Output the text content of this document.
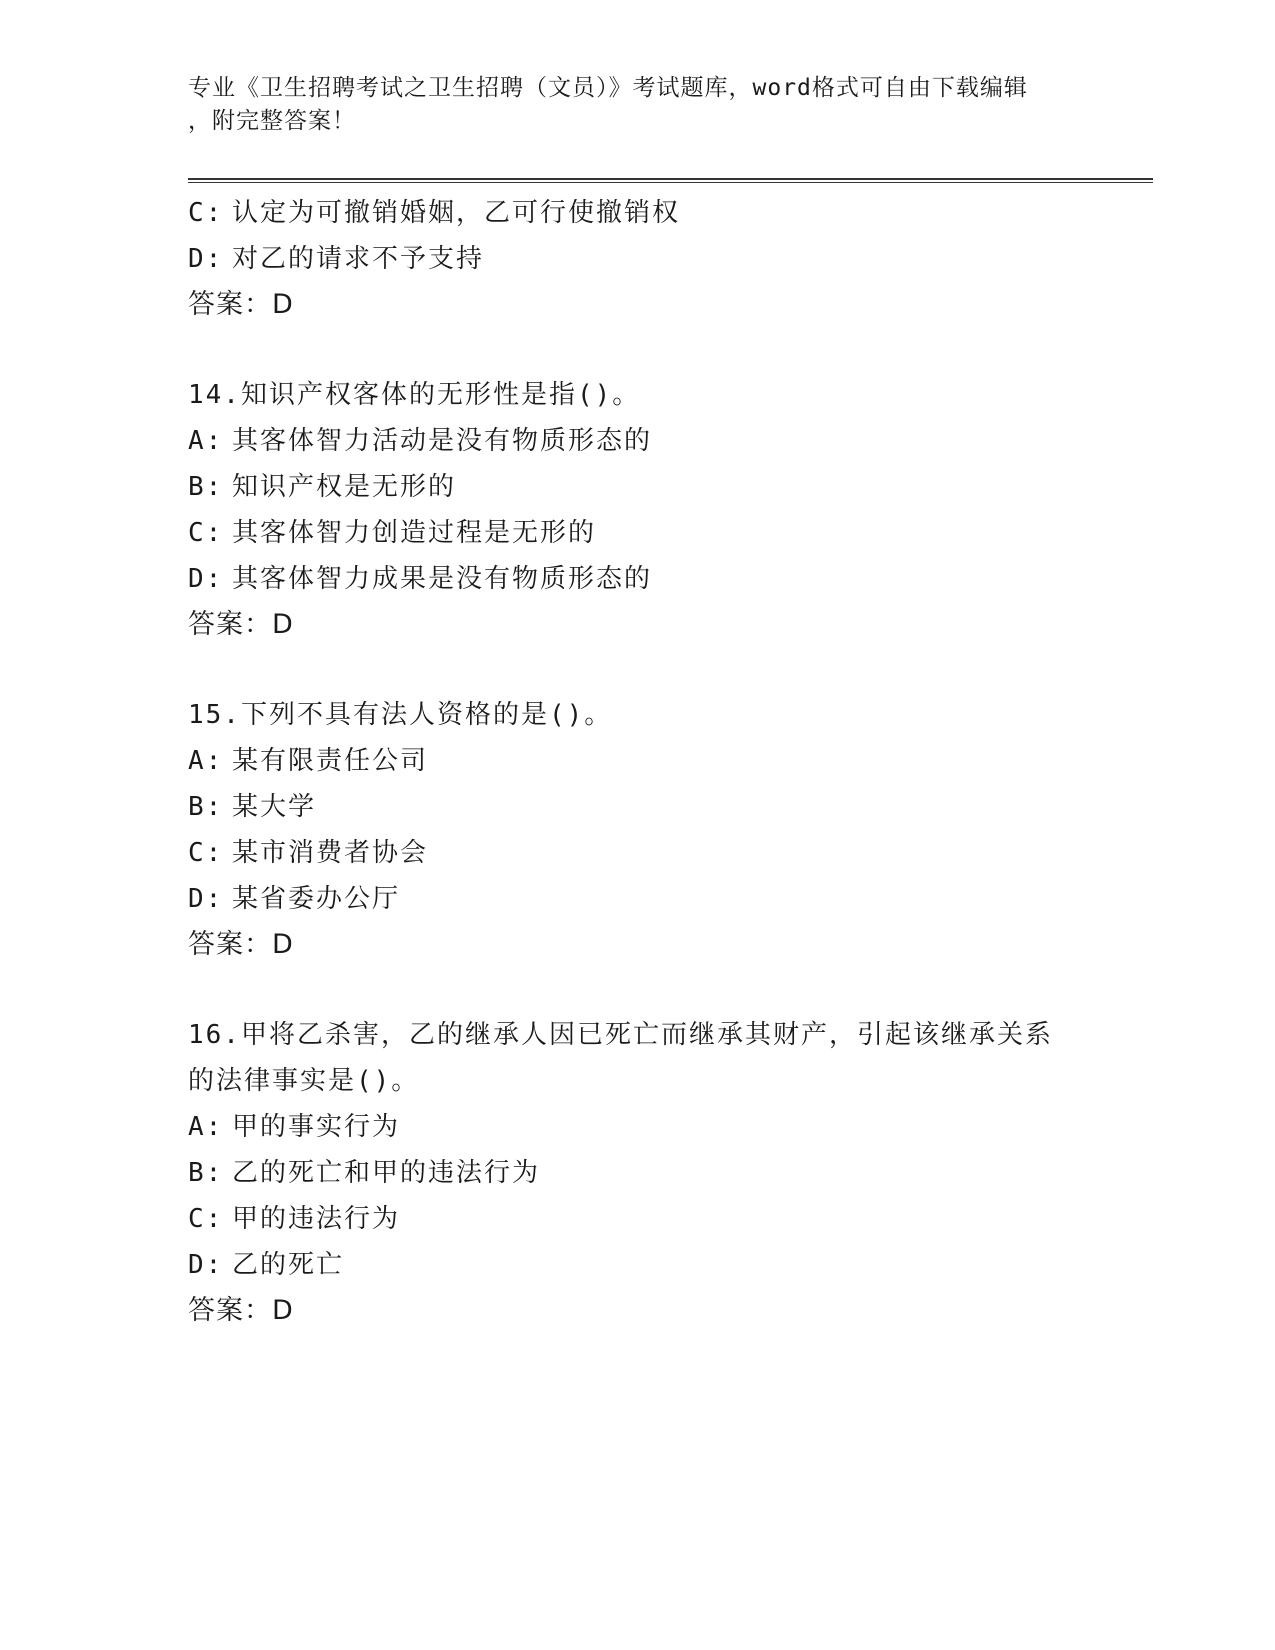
专业《卫生招聘考试之卫生招聘（文员）》考试题库，word格式可自由下载编辑
，附完整答案！
C: 认定为可撤销婚姻，乙可行使撤销权
D: 对乙的请求不予支持
答案：D
14.知识产权客体的无形性是指()。
A: 其客体智力活动是没有物质形态的
B: 知识产权是无形的
C: 其客体智力创造过程是无形的
D: 其客体智力成果是没有物质形态的
答案：D
15.下列不具有法人资格的是()。
A: 某有限责任公司
B: 某大学
C: 某市消费者协会
D: 某省委办公厅
答案：D
16.甲将乙杀害，乙的继承人因已死亡而继承其财产，引起该继承关系的法律事实是()。
A: 甲的事实行为
B: 乙的死亡和甲的违法行为
C: 甲的违法行为
D: 乙的死亡
答案：D
